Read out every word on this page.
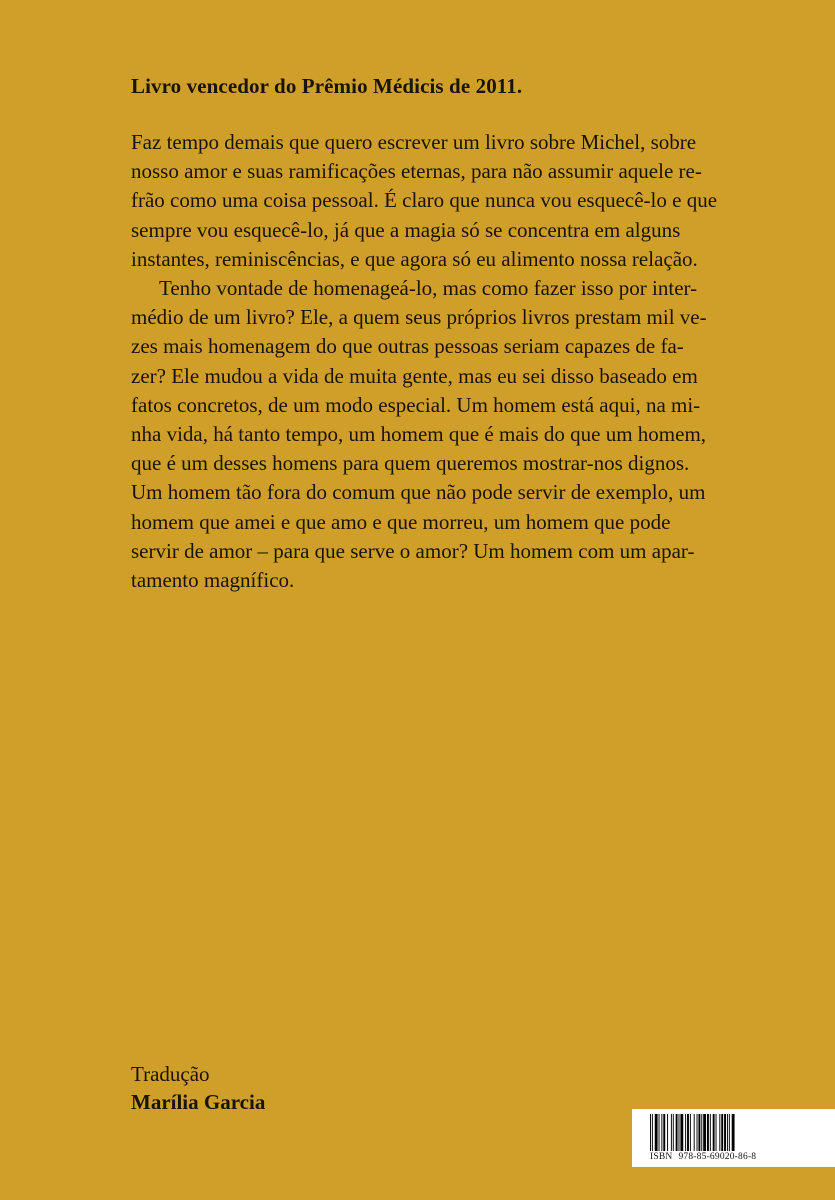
Livro vencedor do Prêmio Médicis de 2011.

Faz tempo demais que quero escrever um livro sobre Michel, sobre
nosso amor e suas ramificações eternas, para não assumir aquele re-
frão como uma coisa pessoal. É claro que nunca vou esquecê-lo e que
sempre vou esquecê-lo, já que a magia só se concentra em alguns
instantes, reminiscências, e que agora só eu alimento nossa relação.

Tenho vontade de homenageá-lo, mas como fazer isso por inter-
médio de um livro? Ele, a quem seus próprios livros prestam mil ve-
zes mais homenagem do que outras pessoas seriam capazes de fa-
zer? Ele mudou a vida de muita gente, mas eu sei disso baseado em
fatos concretos, de um modo especial. Um homem está aqui, na mi-
nha vida, há tanto tempo, um homem que é mais do que um homem,
que é um desses homens para quem queremos mostrar-nos dignos.
Um homem tão fora do comum que não pode servir de exemplo, um
homem que amei e que amo e que morreu, um homem que pode
servir de amor – para que serve o amor? Um homem com um apar-
tamento magnífico.

Tradução

Marília Garcia

ISBN 978-85-69020-86-8
